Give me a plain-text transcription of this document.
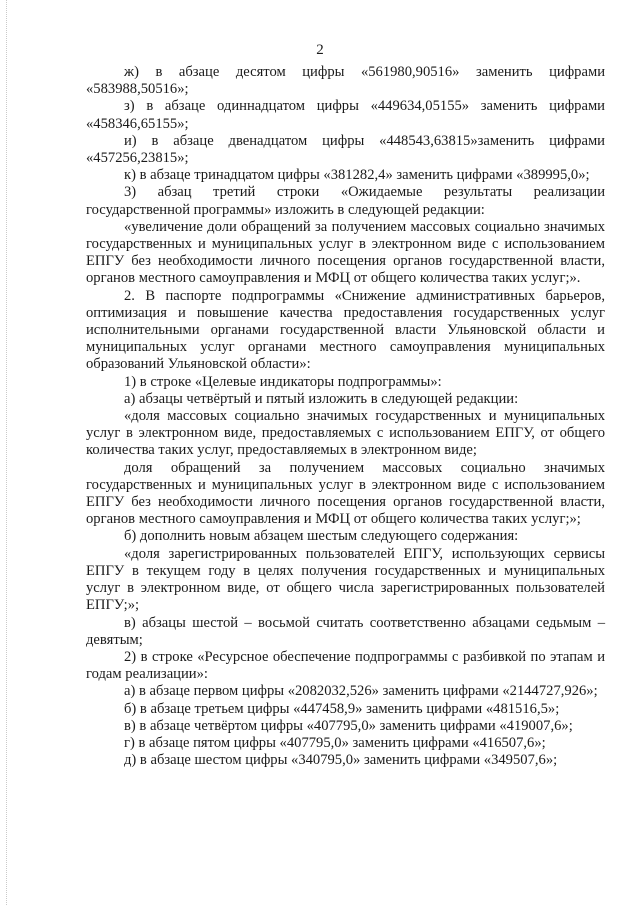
2

ж) в абзаце десятом цифры «561980,90516» заменить цифрами «583988,50516»;

з) в абзаце одиннадцатом цифры «449634,05155» заменить цифрами «458346,65155»;

и) в абзаце двенадцатом цифры «448543,63815»заменить цифрами «457256,23815»;

к) в абзаце тринадцатом цифры «381282,4» заменить цифрами «389995,0»;

3) абзац третий строки «Ожидаемые результаты реализации государственной программы» изложить в следующей редакции:

«увеличение доли обращений за получением массовых социально значимых государственных и муниципальных услуг в электронном виде с использованием ЕПГУ без необходимости личного посещения органов государственной власти, органов местного самоуправления и МФЦ от общего количества таких услуг;».

2. В паспорте подпрограммы «Снижение административных барьеров, оптимизация и повышение качества предоставления государственных услуг исполнительными органами государственной власти Ульяновской области и муниципальных услуг органами местного самоуправления муниципальных образований Ульяновской области»:

1) в строке «Целевые индикаторы подпрограммы»:

а) абзацы четвёртый и пятый изложить в следующей редакции:

«доля массовых социально значимых государственных и муниципальных услуг в электронном виде, предоставляемых с использованием ЕПГУ, от общего количества таких услуг, предоставляемых в электронном виде;

доля обращений за получением массовых социально значимых государственных и муниципальных услуг в электронном виде с использованием ЕПГУ без необходимости личного посещения органов государственной власти, органов местного самоуправления и МФЦ от общего количества таких услуг;»;

б) дополнить новым абзацем шестым следующего содержания:

«доля зарегистрированных пользователей ЕПГУ, использующих сервисы ЕПГУ в текущем году в целях получения государственных и муниципальных услуг в электронном виде, от общего числа зарегистрированных пользователей ЕПГУ;»;

в) абзацы шестой – восьмой считать соответственно абзацами седьмым – девятым;

2) в строке «Ресурсное обеспечение подпрограммы с разбивкой по этапам и годам реализации»:

а) в абзаце первом цифры «2082032,526» заменить цифрами «2144727,926»;

б) в абзаце третьем цифры «447458,9» заменить цифрами «481516,5»;

в) в абзаце четвёртом цифры «407795,0» заменить цифрами «419007,6»;

г) в абзаце пятом цифры «407795,0» заменить цифрами «416507,6»;

д) в абзаце шестом цифры «340795,0» заменить цифрами «349507,6»;
